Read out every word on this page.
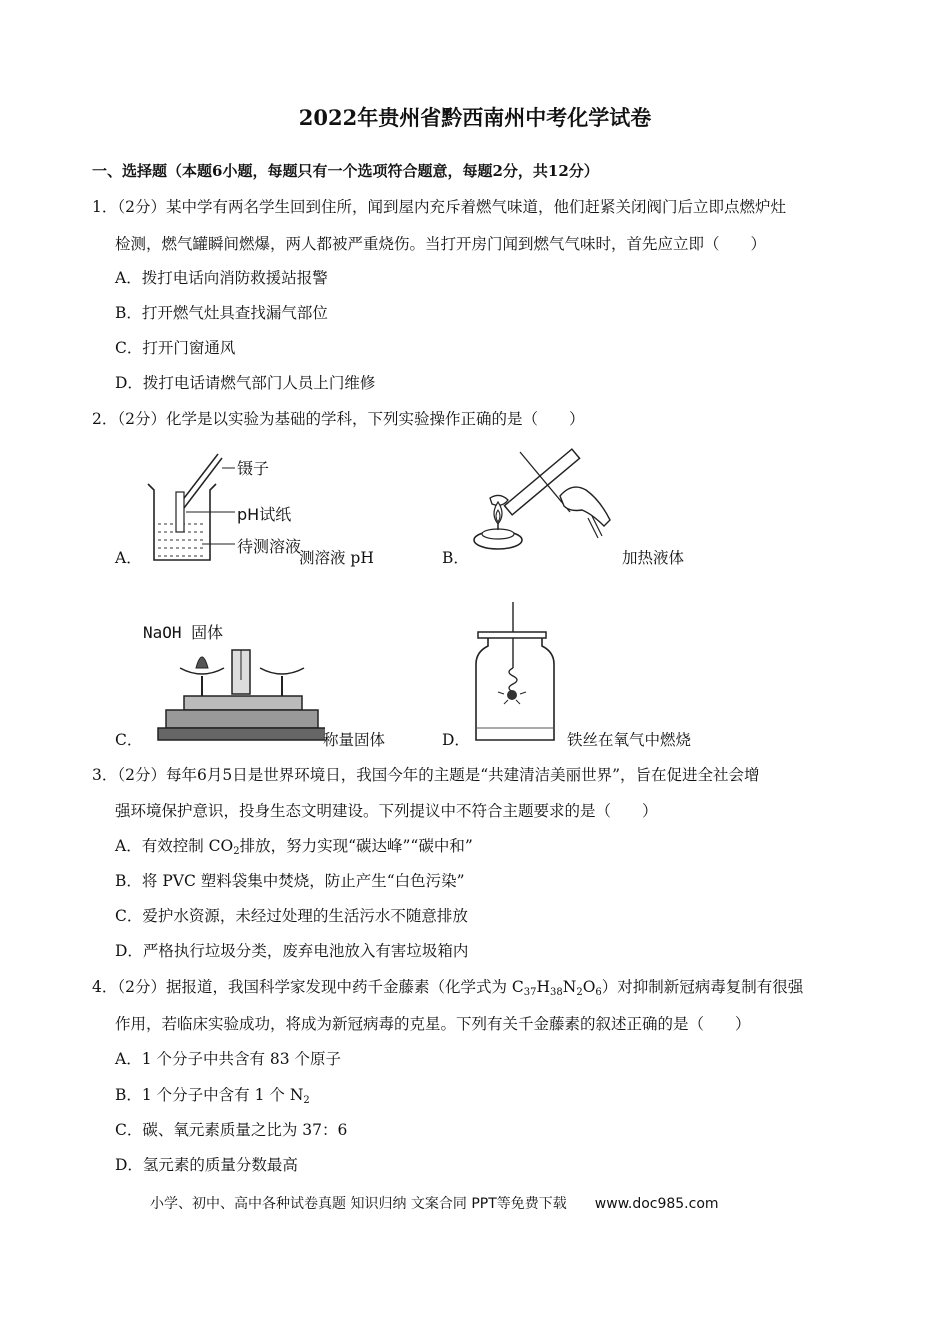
2022年贵州省黔西南州中考化学试卷
一、选择题（本题6小题，每题只有一个选项符合题意，每题2分，共12分）
1．（2分）某中学有两名学生回到住所，闻到屋内充斥着燃气味道，他们赶紧关闭阀门后立即点燃炉灶
检测，燃气罐瞬间燃爆，两人都被严重烧伤。当打开房门闻到燃气气味时，首先应立即（　　）
A．拨打电话向消防救援站报警
B．打开燃气灶具查找漏气部位
C．打开门窗通风
D．拨打电话请燃气部门人员上门维修
2．（2分）化学是以实验为基础的学科，下列实验操作正确的是（　　）
镊子
pH试纸
待测溶液
A．	测溶液 pH	B．	加热液体
NaOH 固体
C．	称量固体	D．	铁丝在氧气中燃烧
3．（2分）每年6月5日是世界环境日，我国今年的主题是“共建清洁美丽世界”，旨在促进全社会增
强环境保护意识，投身生态文明建设。下列提议中不符合主题要求的是（　　）
A．有效控制 $CO_2$排放，努力实现“碳达峰”“碳中和”
B．将 PVC 塑料袋集中焚烧，防止产生“白色污染”
C．爱护水资源，未经过处理的生活污水不随意排放
D．严格执行垃圾分类，废弃电池放入有害垃圾箱内
4．（2分）据报道，我国科学家发现中药千金藤素（化学式为 $C_{37}H_{38}N_2O_6$）对抑制新冠病毒复制有很强
作用，若临床实验成功，将成为新冠病毒的克星。下列有关千金藤素的叙述正确的是（　　）
A．1 个分子中共含有 83 个原子
B．1 个分子中含有 1 个 $N_2$
C．碳、氧元素质量之比为 37：6
D．氢元素的质量分数最高
小学、初中、高中各种试卷真题 知识归纳 文案合同 PPT等免费下载 www.doc985.com
